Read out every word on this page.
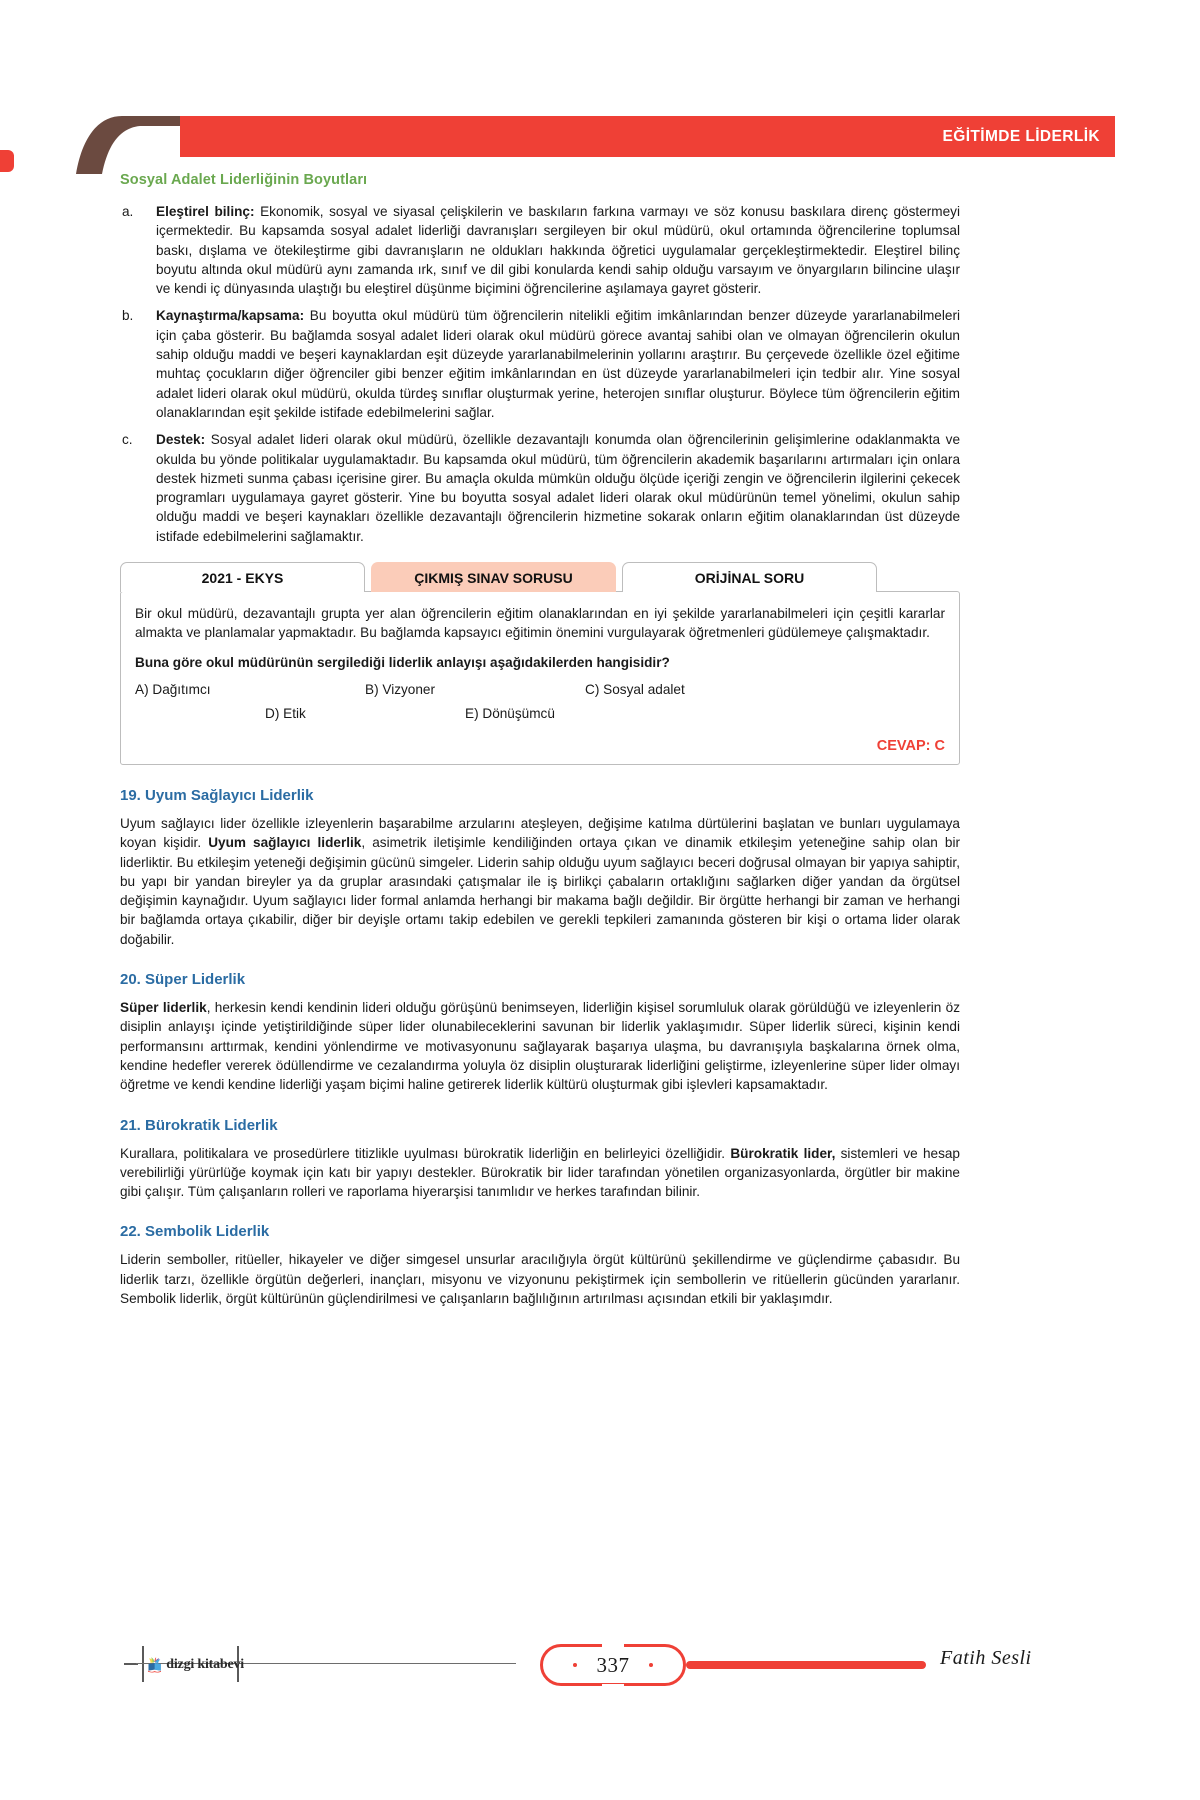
EĞİTİMDE LİDERLİK
Sosyal Adalet Liderliğinin Boyutları
a.	Eleştirel bilinç: Ekonomik, sosyal ve siyasal çelişkilerin ve baskıların farkına varmayı ve söz konusu baskılara direnç göstermeyi içermektedir. Bu kapsamda sosyal adalet liderliği davranışları sergileyen bir okul müdürü, okul ortamında öğrencilerine toplumsal baskı, dışlama ve ötekileştirme gibi davranışların ne oldukları hakkında öğretici uygulamalar gerçekleştirmektedir. Eleştirel bilinç boyutu altında okul müdürü aynı zamanda ırk, sınıf ve dil gibi konularda kendi sahip olduğu varsayım ve önyargıların bilincine ulaşır ve kendi iç dünyasında ulaştığı bu eleştirel düşünme biçimini öğrencilerine aşılamaya gayret gösterir.
b.	Kaynaştırma/kapsama: Bu boyutta okul müdürü tüm öğrencilerin nitelikli eğitim imkânlarından benzer düzeyde yararlanabilmeleri için çaba gösterir. Bu bağlamda sosyal adalet lideri olarak okul müdürü görece avantaj sahibi olan ve olmayan öğrencilerin okulun sahip olduğu maddi ve beşeri kaynaklardan eşit düzeyde yararlanabilmelerinin yollarını araştırır. Bu çerçevede özellikle özel eğitime muhtaç çocukların diğer öğrenciler gibi benzer eğitim imkânlarından en üst düzeyde yararlanabilmeleri için tedbir alır. Yine sosyal adalet lideri olarak okul müdürü, okulda türdeş sınıflar oluşturmak yerine, heterojen sınıflar oluşturur. Böylece tüm öğrencilerin eğitim olanaklarından eşit şekilde istifade edebilmelerini sağlar.
c.	Destek: Sosyal adalet lideri olarak okul müdürü, özellikle dezavantajlı konumda olan öğrencilerinin gelişimlerine odaklanmakta ve okulda bu yönde politikalar uygulamaktadır. Bu kapsamda okul müdürü, tüm öğrencilerin akademik başarılarını artırmaları için onlara destek hizmeti sunma çabası içerisine girer. Bu amaçla okulda mümkün olduğu ölçüde içeriği zengin ve öğrencilerin ilgilerini çekecek programları uygulamaya gayret gösterir. Yine bu boyutta sosyal adalet lideri olarak okul müdürünün temel yönelimi, okulun sahip olduğu maddi ve beşeri kaynakları özellikle dezavantajlı öğrencilerin hizmetine sokarak onların eğitim olanaklarından üst düzeyde istifade edebilmelerini sağlamaktır.
2021 - EKYS	ÇIKMIŞ SINAV SORUSU	ORİJİNAL SORU
Bir okul müdürü, dezavantajlı grupta yer alan öğrencilerin eğitim olanaklarından en iyi şekilde yararlanabilmeleri için çeşitli kararlar almakta ve planlamalar yapmaktadır. Bu bağlamda kapsayıcı eğitimin önemini vurgulayarak öğretmenleri güdülemeye çalışmaktadır.
Buna göre okul müdürünün sergilediği liderlik anlayışı aşağıdakilerden hangisidir?
A) Dağıtımcı	B) Vizyoner	C) Sosyal adalet
D) Etik	E) Dönüşümcü
CEVAP: C
19. Uyum Sağlayıcı Liderlik

Uyum sağlayıcı lider özellikle izleyenlerin başarabilme arzularını ateşleyen, değişime katılma dürtülerini başlatan ve bunları uygulamaya koyan kişidir. Uyum sağlayıcı liderlik, asimetrik iletişimle kendiliğinden ortaya çıkan ve dinamik etkileşim yeteneğine sahip olan bir liderliktir. Bu etkileşim yeteneği değişimin gücünü simgeler. Liderin sahip olduğu uyum sağlayıcı beceri doğrusal olmayan bir yapıya sahiptir, bu yapı bir yandan bireyler ya da gruplar arasındaki çatışmalar ile iş birlikçi çabaların ortaklığını sağlarken diğer yandan da örgütsel değişimin kaynağıdır. Uyum sağlayıcı lider formal anlamda herhangi bir makama bağlı değildir. Bir örgütte herhangi bir zaman ve herhangi bir bağlamda ortaya çıkabilir, diğer bir deyişle ortamı takip edebilen ve gerekli tepkileri zamanında gösteren bir kişi o ortama lider olarak doğabilir.

20. Süper Liderlik

Süper liderlik, herkesin kendi kendinin lideri olduğu görüşünü benimseyen, liderliğin kişisel sorumluluk olarak görüldüğü ve izleyenlerin öz disiplin anlayışı içinde yetiştirildiğinde süper lider olunabileceklerini savunan bir liderlik yaklaşımıdır. Süper liderlik süreci, kişinin kendi performansını arttırmak, kendini yönlendirme ve motivasyonunu sağlayarak başarıya ulaşma, bu davranışıyla başkalarına örnek olma, kendine hedefler vererek ödüllendirme ve cezalandırma yoluyla öz disiplin oluşturarak liderliğini geliştirme, izleyenlerine süper lider olmayı öğretme ve kendi kendine liderliği yaşam biçimi haline getirerek liderlik kültürü oluşturmak gibi işlevleri kapsamaktadır.

21. Bürokratik Liderlik

Kurallara, politikalara ve prosedürlere titizlikle uyulması bürokratik liderliğin en belirleyici özelliğidir. Bürokratik lider, sistemleri ve hesap verebilirliği yürürlüğe koymak için katı bir yapıyı destekler. Bürokratik bir lider tarafından yönetilen organizasyonlarda, örgütler bir makine gibi çalışır. Tüm çalışanların rolleri ve raporlama hiyerarşisi tanımlıdır ve herkes tarafından bilinir.

22. Sembolik Liderlik

Liderin semboller, ritüeller, hikayeler ve diğer simgesel unsurlar aracılığıyla örgüt kültürünü şekillendirme ve güçlendirme çabasıdır. Bu liderlik tarzı, özellikle örgütün değerleri, inançları, misyonu ve vizyonunu pekiştirmek için sembollerin ve ritüellerin gücünden yararlanır. Sembolik liderlik, örgüt kültürünün güçlendirilmesi ve çalışanların bağlılığının artırılması açısından etkili bir yaklaşımdır.

dizgi kitabevi	337	Fatih Sesli
